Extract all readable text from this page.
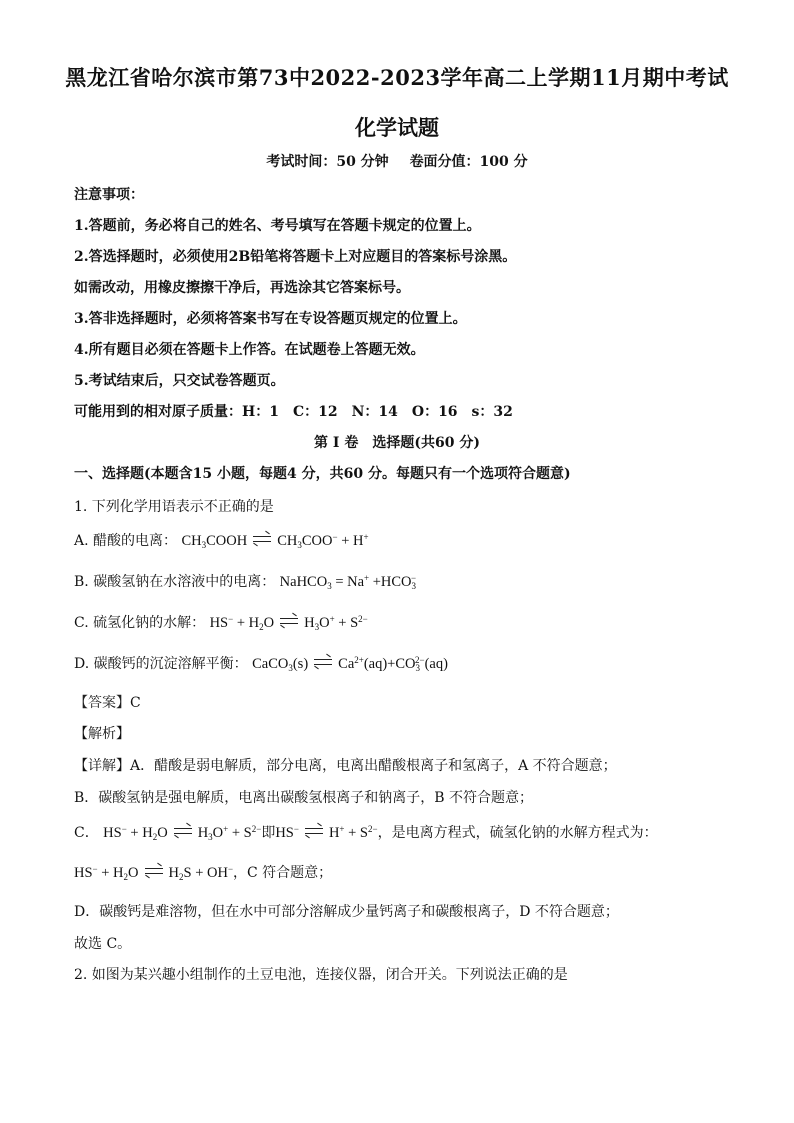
黑龙江省哈尔滨市第73中2022-2023学年高二上学期11月期中考试
化学试题
考试时间：50 分钟 卷面分值：100 分
注意事项：
1.答题前，务必将自己的姓名、考号填写在答题卡规定的位置上。
2.答选择题时，必须使用2B铅笔将答题卡上对应题目的答案标号涂黑。
如需改动，用橡皮擦擦干净后，再选涂其它答案标号。
3.答非选择题时，必须将答案书写在专设答题页规定的位置上。
4.所有题目必须在答题卡上作答。在试题卷上答题无效。
5.考试结束后，只交试卷答题页。
可能用到的相对原子质量：H：1　C：12　N：14　O：16　s：32
第 I 卷　选择题(共60 分)
一、选择题(本题含15 小题，每题4 分，共60 分。每题只有一个选项符合题意)
1. 下列化学用语表示不正确的是
A. 醋酸的电离： $CH_3COOH$ ⇌ $CH_3COO^- + H^+$
B. 碳酸氢钠在水溶液中的电离： NaHCO$_3$ = $Na^+ +HCO_3^-$
C. 硫氢化钠的水解： $HS^- + H_2O$ ⇌ $H_3O^+ + S^{2-}$
D. 碳酸钙的沉淀溶解平衡： CaCO$_3$(s) ⇌ $Ca^{2+}(aq)+CO_3^{2-}(aq)$
【答案】C
【解析】
【详解】A．醋酸是弱电解质，部分电离，电离出醋酸根离子和氢离子，A 不符合题意；
B．碳酸氢钠是强电解质，电离出碳酸氢根离子和钠离子，B 不符合题意；
C． $HS^- + H_2O$ ⇌ $H_3O^+ + S^{2-}$即HS− ⇌ $H^+ + S^{2-}$，是电离方程式，硫氢化钠的水解方程式为：
$HS^- + H_2O$ ⇌ $H_2S + OH^-$，C 符合题意；
D．碳酸钙是难溶物，但在水中可部分溶解成少量钙离子和碳酸根离子，D 不符合题意；
故选 C。
2. 如图为某兴趣小组制作的土豆电池，连接仪器，闭合开关。下列说法正确的是
